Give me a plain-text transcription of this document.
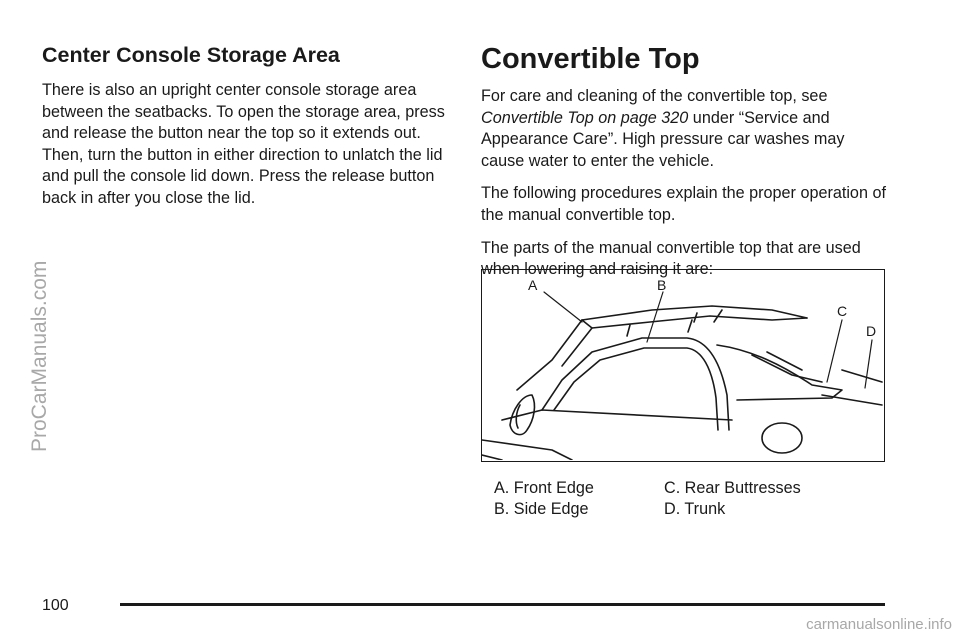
Center Console Storage Area

There is also an upright center console storage area between the seatbacks. To open the storage area, press and release the button near the top so it extends out. Then, turn the button in either direction to unlatch the lid and pull the console lid down. Press the release button back in after you close the lid.

Convertible Top

For care and cleaning of the convertible top, see Convertible Top on page 320 under “Service and Appearance Care”. High pressure car washes may cause water to enter the vehicle.

The following procedures explain the proper operation of the manual convertible top.

The parts of the manual convertible top that are used when lowering and raising it are:

A	B
C
D
A. Front Edge	C. Rear Buttresses
B. Side Edge	D. Trunk
100
ProCarManuals.com
carmanualsonline.info
